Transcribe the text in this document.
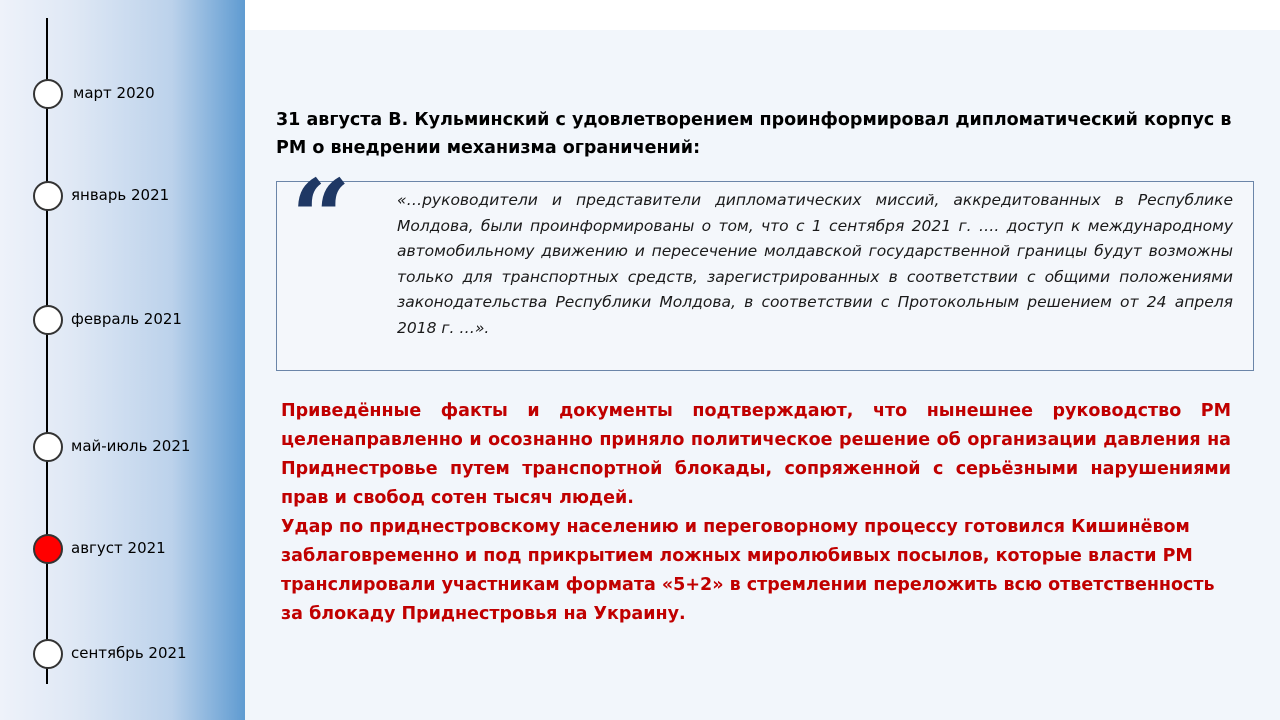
март 2020
январь 2021
февраль 2021
май-июль 2021
август 2021
сентябрь 2021
31 августа В. Кульминский с удовлетворением проинформировал дипломатический корпус в РМ о внедрении механизма ограничений:
“	«…руководители и представители дипломатических миссий, аккредитованных в Республике Молдова, были проинформированы о том, что с 1 сентября 2021 г. …. доступ к международному автомобильному движению и пересечение молдавской государственной границы будут возможны только для транспортных средств, зарегистрированных в соответствии с общими положениями законодательства Республики Молдова, в соответствии с Протокольным решением от 24 апреля 2018 г. …».

Приведённые факты и документы подтверждают, что нынешнее руководство РМ целенаправленно и осознанно приняло политическое решение об организации давления на Приднестровье путем транспортной блокады, сопряженной с серьёзными нарушениями прав и свобод сотен тысяч людей.

Удар по приднестровскому населению и переговорному процессу готовился Кишинёвом заблаговременно и под прикрытием ложных миролюбивых посылов, которые власти РМ транслировали участникам формата «5+2» в стремлении переложить всю ответственность за блокаду Приднестровья на Украину.
